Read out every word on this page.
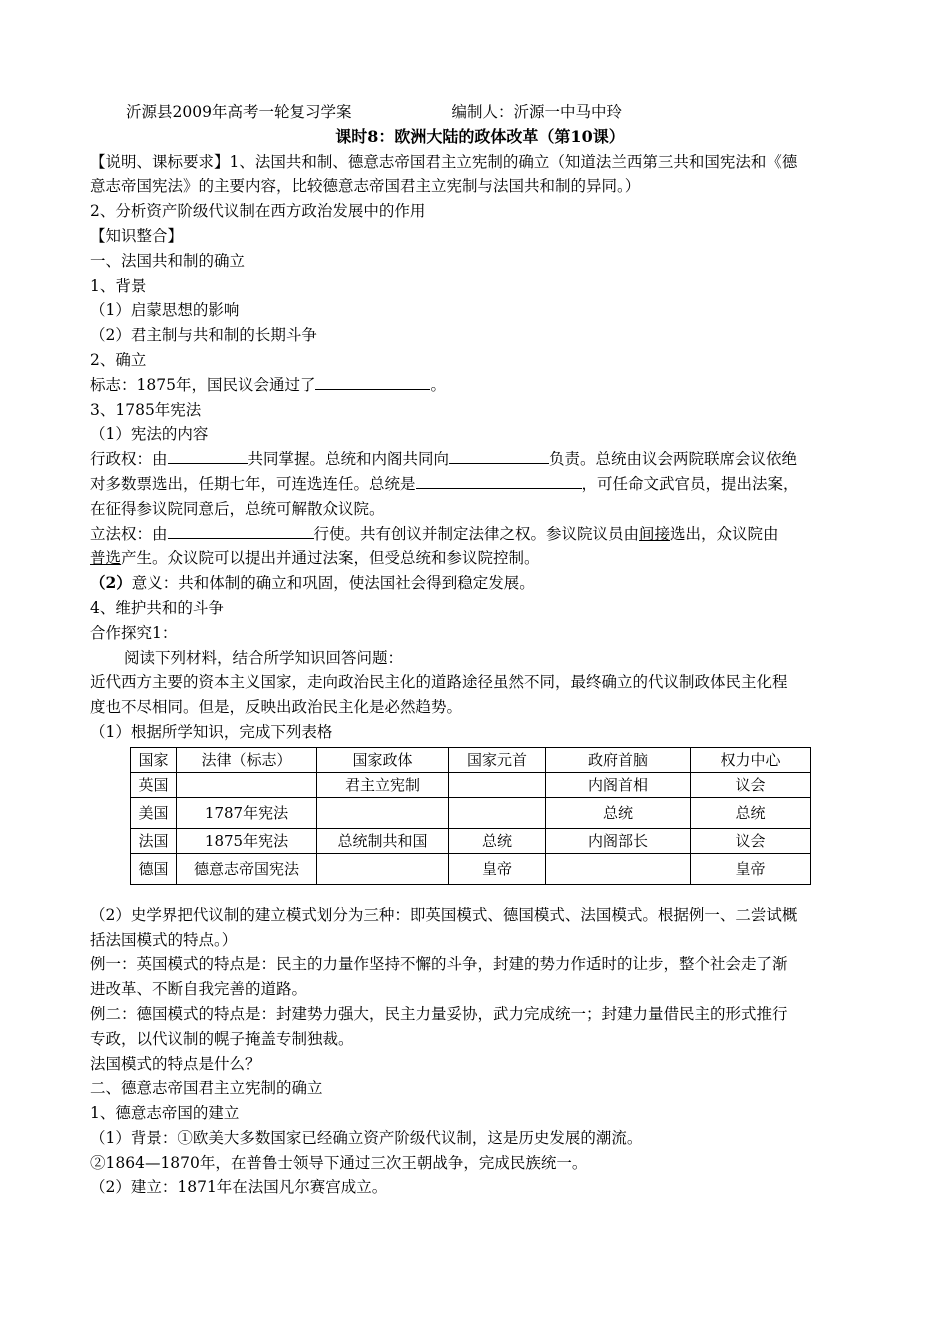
沂源县2009年高考一轮复习学案	编制人：沂源一中马中玲
课时8：欧洲大陆的政体改革（第10课）
【说明、课标要求】1、法国共和制、德意志帝国君主立宪制的确立（知道法兰西第三共和国宪法和《德
意志帝国宪法》的主要内容，比较德意志帝国君主立宪制与法国共和制的异同。）
2、分析资产阶级代议制在西方政治发展中的作用
【知识整合】
一、法国共和制的确立
1、背景
（1）启蒙思想的影响
（2）君主制与共和制的长期斗争
2、确立
标志：1875年，国民议会通过了	。
3、1785年宪法
（1）宪法的内容
行政权：由	共同掌握。总统和内阁共同向	负责。总统由议会两院联席会议依绝
对多数票选出，任期七年，可连选连任。总统是	，可任命文武官员，提出法案，
在征得参议院同意后，总统可解散众议院。
立法权：由	行使。共有创议并制定法律之权。参议院议员由间接选出，众议院由
普选产生。众议院可以提出并通过法案，但受总统和参议院控制。
（2）意义：共和体制的确立和巩固，使法国社会得到稳定发展。
4、维护共和的斗争
合作探究1：
阅读下列材料，结合所学知识回答问题：
近代西方主要的资本主义国家，走向政治民主化的道路途径虽然不同，最终确立的代议制政体民主化程
度也不尽相同。但是，反映出政治民主化是必然趋势。
（1）根据所学知识，完成下列表格
国家	法律（标志）	国家政体	国家元首	政府首脑	权力中心
英国		君主立宪制		内阁首相	议会
美国	1787年宪法			总统	总统
法国	1875年宪法	总统制共和国	总统	内阁部长	议会
德国	德意志帝国宪法		皇帝		皇帝
（2）史学界把代议制的建立模式划分为三种：即英国模式、德国模式、法国模式。根据例一、二尝试概
括法国模式的特点。）
例一：英国模式的特点是：民主的力量作坚持不懈的斗争，封建的势力作适时的让步，整个社会走了渐
进改革、不断自我完善的道路。
例二：德国模式的特点是：封建势力强大，民主力量妥协，武力完成统一；封建力量借民主的形式推行
专政，以代议制的幌子掩盖专制独裁。
法国模式的特点是什么？
二、德意志帝国君主立宪制的确立
1、德意志帝国的建立
（1）背景：①欧美大多数国家已经确立资产阶级代议制，这是历史发展的潮流。
②1864—1870年，在普鲁士领导下通过三次王朝战争，完成民族统一。
（2）建立：1871年在法国凡尔赛宫成立。
